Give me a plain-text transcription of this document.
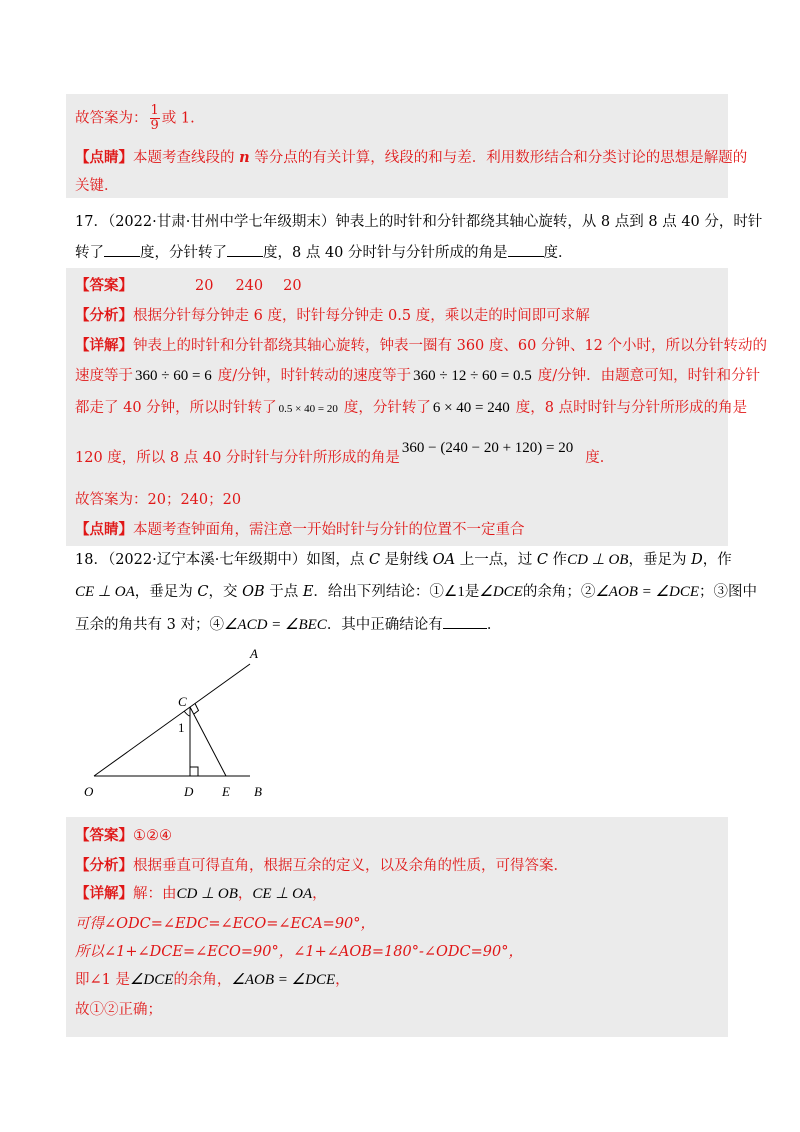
故答案为： $\frac{1}{9}$ 或 1.
【点睛】本题考查线段的 n 等分点的有关计算，线段的和与差．利用数形结合和分类讨论的思想是解题的
关键．
17．（2022·甘肃·甘州中学七年级期末）钟表上的时针和分针都绕其轴心旋转，从 8 点到 8 点 40 分，时针
转了 度，分针转了 度，8 点 40 分时针与分针所成的角是 度．
【答案】	20 240 20
【分析】根据分针每分钟走 6 度，时针每分钟走 0.5 度，乘以走的时间即可求解
【详解】钟表上的时针和分针都绕其轴心旋转，钟表一圈有 360 度、60 分钟、12 个小时，所以分针转动的
速度等于 360 ÷ 60 = 6 度/分钟，时针转动的速度等于 360 ÷ 12 ÷ 60 = 0.5 度/分钟．由题意可知，时针和分针
都走了 40 分钟，所以时针转了 0.5 × 40 = 20 度，分针转了 6 × 40 = 240 度，8 点时时针与分针所形成的角是
120 度，所以 8 点 40 分时针与分针所形成的角是360 − (240 − 20 + 120) = 20度．
故答案为：20；240；20
【点睛】本题考查钟面角，需注意一开始时针与分针的位置不一定重合
18．（2022·辽宁本溪·七年级期中）如图，点 C 是射线 OA 上一点，过 C 作CD ⊥ OB，垂足为 D，作
CE ⊥ OA，垂足为 C，交 OB 于点 E．给出下列结论：①∠1是∠DCE的余角；②∠AOB = ∠DCE；③图中
互余的角共有 3 对；④∠ACD = ∠BEC．其中正确结论有	．
A
C
1
O	D E B
【答案】①②④
【分析】根据垂直可得直角，根据互余的定义，以及余角的性质，可得答案．
【详解】解：由CD ⊥ OB，CE ⊥ OA，
可得∠ODC=∠EDC=∠ECO=∠ECA=90°，
所以∠1+∠DCE=∠ECO=90°，∠1+∠AOB=180°-∠ODC=90°，
即∠1 是∠DCE的余角，∠AOB = ∠DCE，
故①②正确；
